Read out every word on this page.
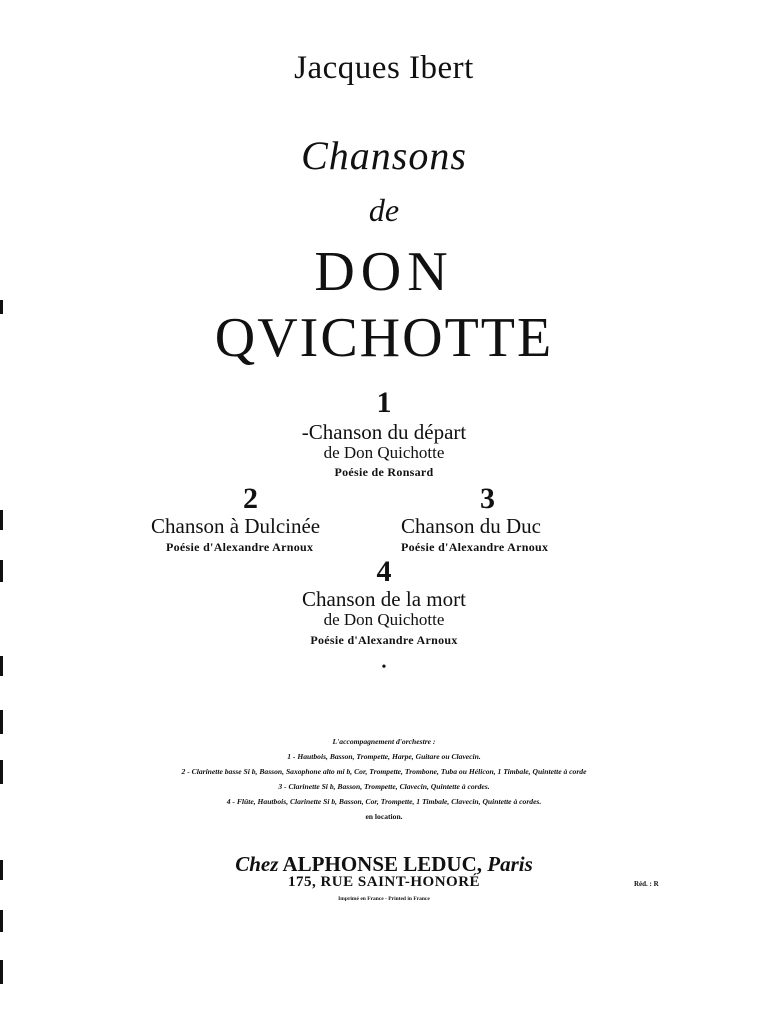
Jacques Ibert
Chansons
de
DON
QVICHOTTE
1
-Chanson du départ
de Don Quichotte
Poésie de Ronsard
2
Chanson à Dulcinée
Poésie d'Alexandre Arnoux
3
Chanson du Duc
Poésie d'Alexandre Arnoux
4
Chanson de la mort
de Don Quichotte
Poésie d'Alexandre Arnoux
•
L'accompagnement d'orchestre :
1 - Hautbois, Basson, Trompette, Harpe, Guitare ou Clavecin.
2 - Clarinette basse Si b, Basson, Saxophone alto mi b, Cor, Trompette, Trombone, Tuba ou Hélicon, 1 Timbale, Quintette à corde
3 - Clarinette Si b, Basson, Trompette, Clavecin, Quintette à cordes.
4 - Flûte, Hautbois, Clarinette Si b, Basson, Cor, Trompette, 1 Timbale, Clavecin, Quintette à cordes.
en location.
Chez ALPHONSE LEDUC, Paris
175, RUE SAINT-HONORÉ
Imprimé en France - Printed in France
Réd. : R
